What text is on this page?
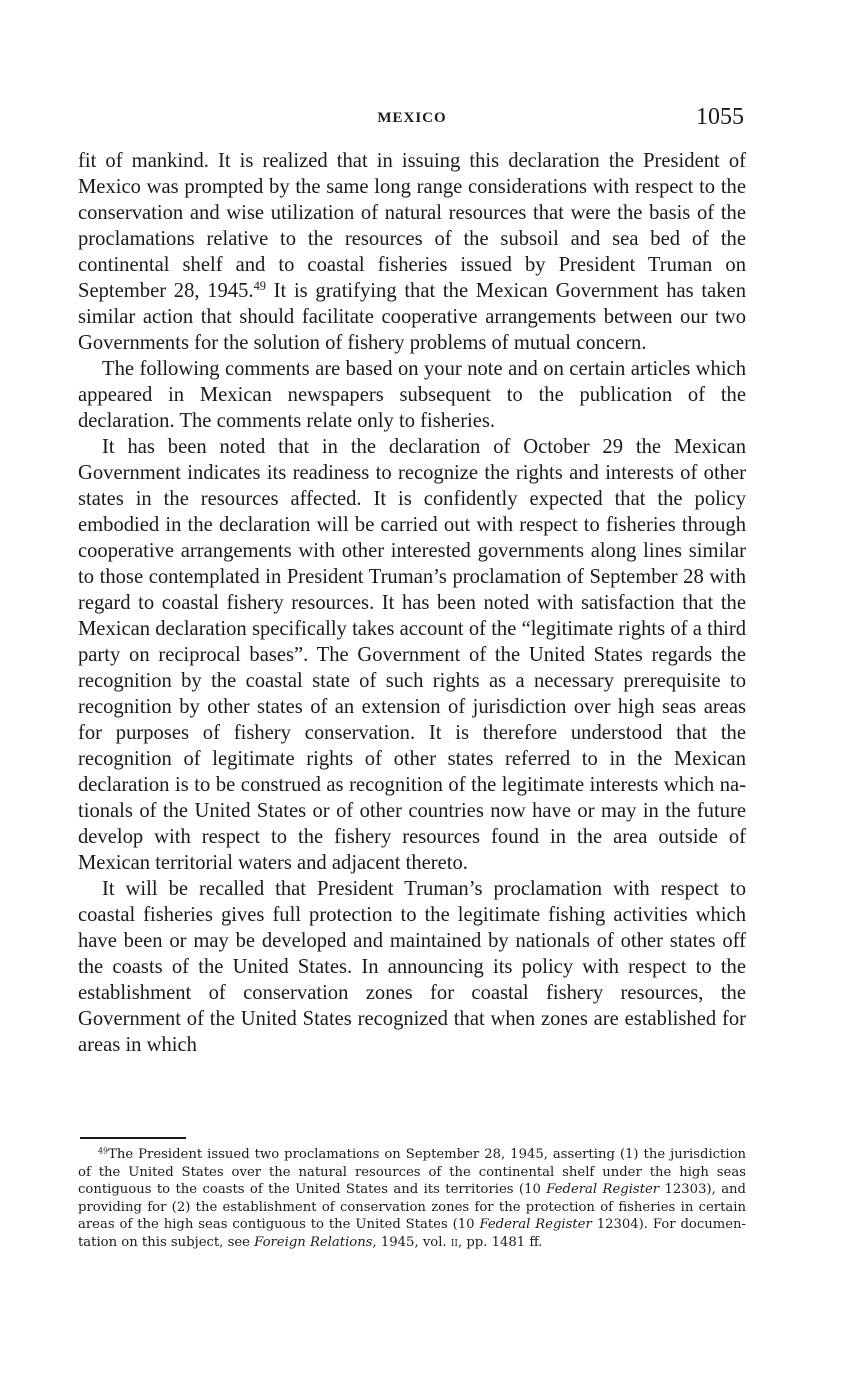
MEXICO	1055

fit of mankind. It is realized that in issuing this declaration the President of Mexico was prompted by the same long range considerations with respect to the conservation and wise utilization of natural resources that were the basis of the proclamations relative to the resources of the subsoil and sea bed of the continental shelf and to coastal fisheries issued by President Truman on September 28, 1945.49 It is gratifying that the Mexican Government has taken similar action that should facilitate cooperative arrangements between our two Governments for the solution of fishery problems of mutual concern.

The following comments are based on your note and on certain articles which appeared in Mexican newspapers subsequent to the publication of the declaration. The comments relate only to fisheries.

It has been noted that in the declaration of October 29 the Mexican Government indicates its readiness to recognize the rights and interests of other states in the resources affected. It is confidently expected that the policy embodied in the declaration will be carried out with respect to fisheries through cooperative arrangements with other interested governments along lines similar to those contemplated in President Truman’s proclamation of September 28 with regard to coastal fishery resources. It has been noted with satisfaction that the Mexican declaration specifically takes account of the “legitimate rights of a third party on reciprocal bases”. The Government of the United States regards the recognition by the coastal state of such rights as a necessary prerequisite to recognition by other states of an extension of jurisdiction over high seas areas for purposes of fishery conservation. It is therefore understood that the recognition of legitimate rights of other states referred to in the Mexican declaration is to be construed as recognition of the legitimate interests which nationals of the United States or of other countries now have or may in the future develop with respect to the fishery resources found in the area outside of Mexican territorial waters and adjacent thereto.

It will be recalled that President Truman’s proclamation with respect to coastal fisheries gives full protection to the legitimate fishing activities which have been or may be developed and maintained by nationals of other states off the coasts of the United States. In announcing its policy with respect to the establishment of conservation zones for coastal fishery resources, the Government of the United States recognized that when zones are established for areas in which

$^{49}$The President issued two proclamations on September 28, 1945, asserting (1) the jurisdiction of the United States over the natural resources of the continental shelf under the high seas contiguous to the coasts of the United States and its territories (10 Federal Register 12303), and providing for (2) the establishment of conservation zones for the protection of fisheries in certain areas of the high seas contiguous to the United States (10 Federal Register 12304). For documentation on this subject, see Foreign Relations, 1945, vol. ii, pp. 1481 ff.
